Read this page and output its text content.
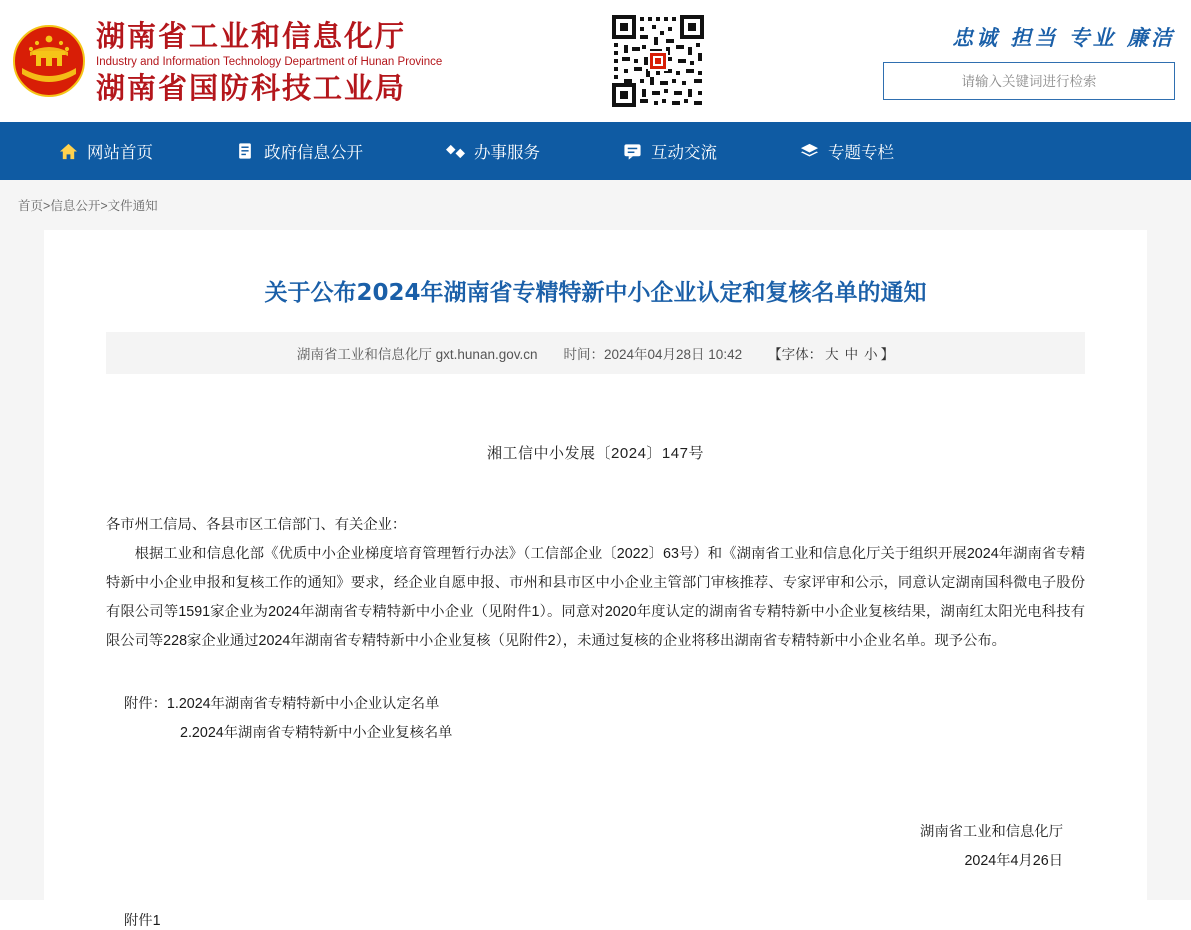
湖南省工业和信息化厅
Industry and Information Technology Department of Hunan Province
湖南省国防科技工业局
忠诚 担当 专业 廉洁
请输入关键词进行检索
网站首页	政府信息公开	办事服务	互动交流	专题专栏
首页>信息公开>文件通知
关于公布2024年湖南省专精特新中小企业认定和复核名单的通知
湖南省工业和信息化厅 gxt.hunan.gov.cn 时间：2024年04月28日 10:42 【字体： 大 中 小 】
湘工信中小发展〔2024〕147号

各市州工信局、各县市区工信部门、有关企业：

根据工业和信息化部《优质中小企业梯度培育管理暂行办法》（工信部企业〔2022〕63号）和《湖南省工业和信息化厅关于组织开展2024年湖南省专精特新中小企业申报和复核工作的通知》要求，经企业自愿申报、市州和县市区中小企业主管部门审核推荐、专家评审和公示，同意认定湖南国科微电子股份有限公司等1591家企业为2024年湖南省专精特新中小企业（见附件1）。同意对2020年度认定的湖南省专精特新中小企业复核结果，湖南红太阳光电科技有限公司等228家企业通过2024年湖南省专精特新中小企业复核（见附件2），未通过复核的企业将移出湖南省专精特新中小企业名单。现予公布。

附件：1.2024年湖南省专精特新中小企业认定名单
2.2024年湖南省专精特新中小企业复核名单
湖南省工业和信息化厅
2024年4月26日
附件1
